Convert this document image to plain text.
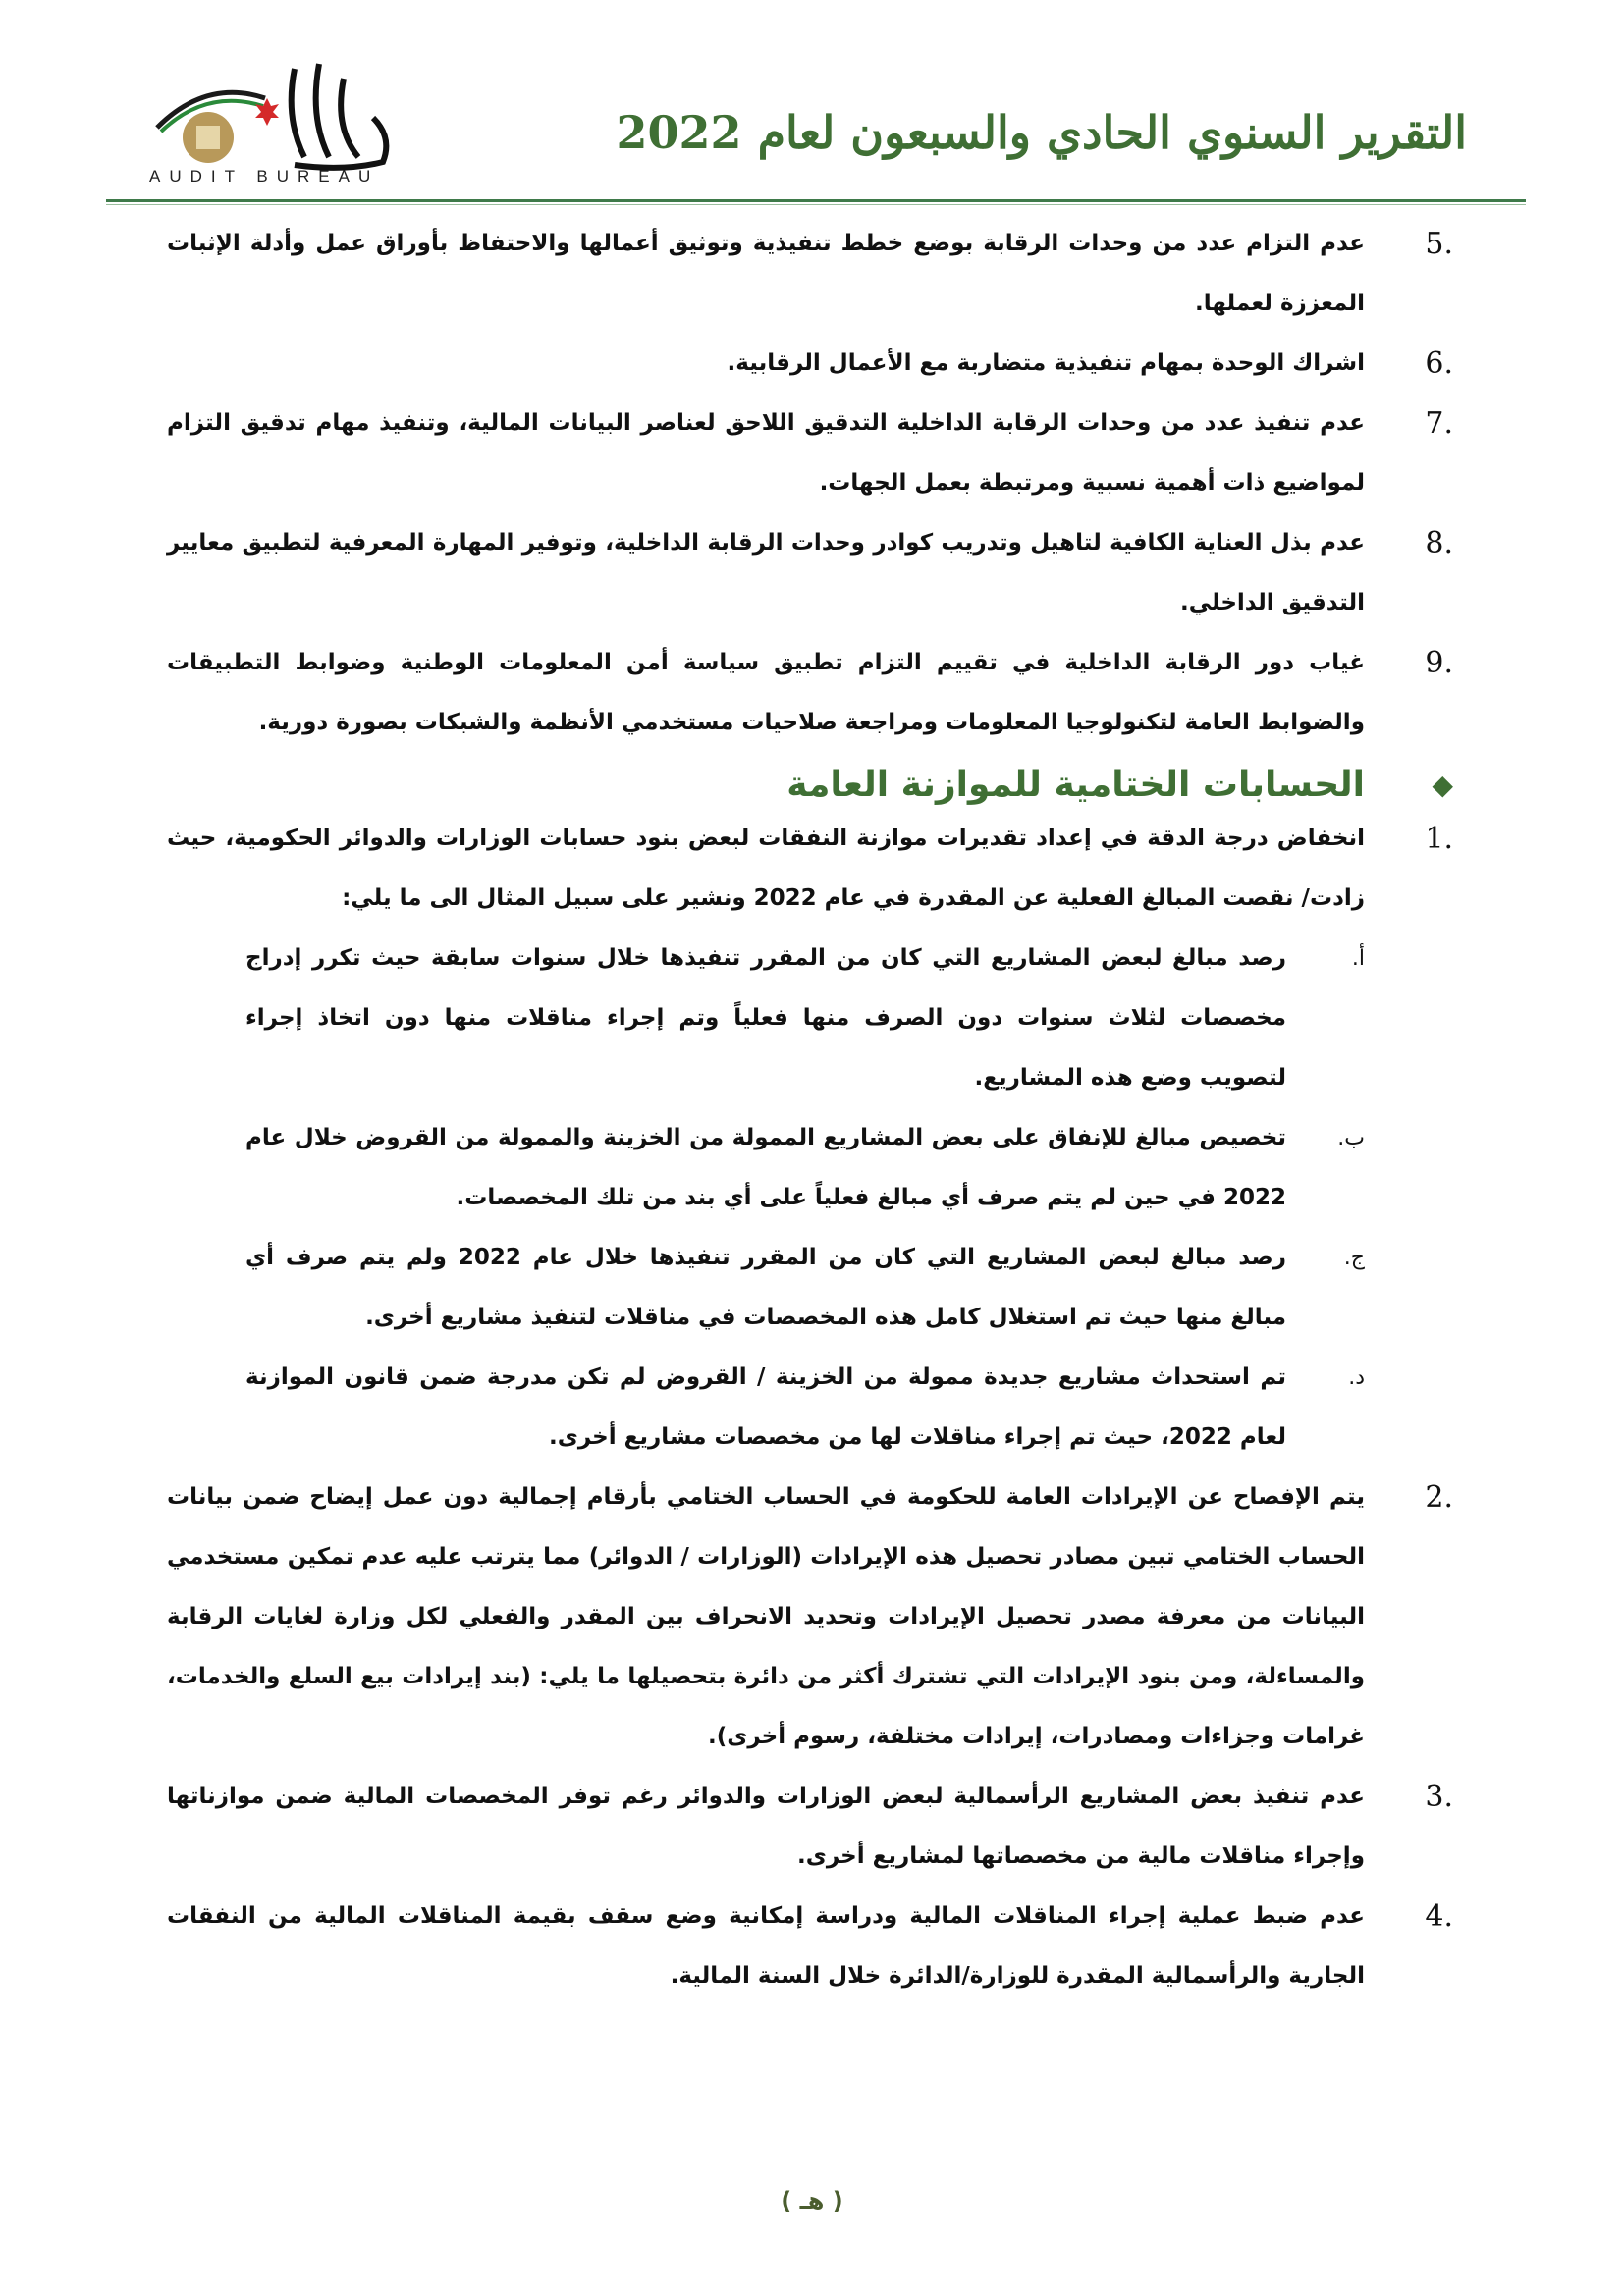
AUDIT BUREAU
التقرير السنوي الحادي والسبعون لعام 2022
.5
عدم التزام عدد من وحدات الرقابة بوضع خطط تنفيذية وتوثيق أعمالها والاحتفاظ بأوراق عمل وأدلة الإثبات المعززة لعملها.
.6
اشراك الوحدة بمهام تنفيذية متضاربة مع الأعمال الرقابية.
.7
عدم تنفيذ عدد من وحدات الرقابة الداخلية التدقيق اللاحق لعناصر البيانات المالية، وتنفيذ مهام تدقيق التزام لمواضيع ذات أهمية نسبية ومرتبطة بعمل الجهات.
.8
عدم بذل العناية الكافية لتاهيل وتدريب كوادر وحدات الرقابة الداخلية، وتوفير المهارة المعرفية لتطبيق معايير التدقيق الداخلي.
.9
غياب دور الرقابة الداخلية في تقييم التزام تطبيق سياسة أمن المعلومات الوطنية وضوابط التطبيقات والضوابط العامة لتكنولوجيا المعلومات ومراجعة صلاحيات مستخدمي الأنظمة والشبكات بصورة دورية.
◆
الحسابات الختامية للموازنة العامة
.1
انخفاض درجة الدقة في إعداد تقديرات موازنة النفقات لبعض بنود حسابات الوزارات والدوائر الحكومية، حيث زادت/ نقصت المبالغ الفعلية عن المقدرة في عام 2022 ونشير على سبيل المثال الى ما يلي:
أ.
رصد مبالغ لبعض المشاريع التي كان من المقرر تنفيذها خلال سنوات سابقة حيث تكرر إدراج مخصصات لثلاث سنوات دون الصرف منها فعلياً وتم إجراء مناقلات منها دون اتخاذ إجراء لتصويب وضع هذه المشاريع.
ب.
تخصيص مبالغ للإنفاق على بعض المشاريع الممولة من الخزينة والممولة من القروض خلال عام 2022 في حين لم يتم صرف أي مبالغ فعلياً على أي بند من تلك المخصصات.
ج.
رصد مبالغ لبعض المشاريع التي كان من المقرر تنفيذها خلال عام 2022 ولم يتم صرف أي مبالغ منها حيث تم استغلال كامل هذه المخصصات في مناقلات لتنفيذ مشاريع أخرى.
د.
تم استحداث مشاريع جديدة ممولة من الخزينة / القروض لم تكن مدرجة ضمن قانون الموازنة لعام 2022، حيث تم إجراء مناقلات لها من مخصصات مشاريع أخرى.
.2
يتم الإفصاح عن الإيرادات العامة للحكومة في الحساب الختامي بأرقام إجمالية دون عمل إيضاح ضمن بيانات الحساب الختامي تبين مصادر تحصيل هذه الإيرادات (الوزارات / الدوائر) مما يترتب عليه عدم تمكين مستخدمي البيانات من معرفة مصدر تحصيل الإيرادات وتحديد الانحراف بين المقدر والفعلي لكل وزارة لغايات الرقابة والمساءلة، ومن بنود الإيرادات التي تشترك أكثر من دائرة بتحصيلها ما يلي: (بند إيرادات بيع السلع والخدمات، غرامات وجزاءات ومصادرات، إيرادات مختلفة، رسوم أخرى).
.3
عدم تنفيذ بعض المشاريع الرأسمالية لبعض الوزارات والدوائر رغم توفر المخصصات المالية ضمن موازناتها وإجراء مناقلات مالية من مخصصاتها لمشاريع أخرى.
.4
عدم ضبط عملية إجراء المناقلات المالية ودراسة إمكانية وضع سقف بقيمة المناقلات المالية من النفقات الجارية والرأسمالية المقدرة للوزارة/الدائرة خلال السنة المالية.
( هـ )
